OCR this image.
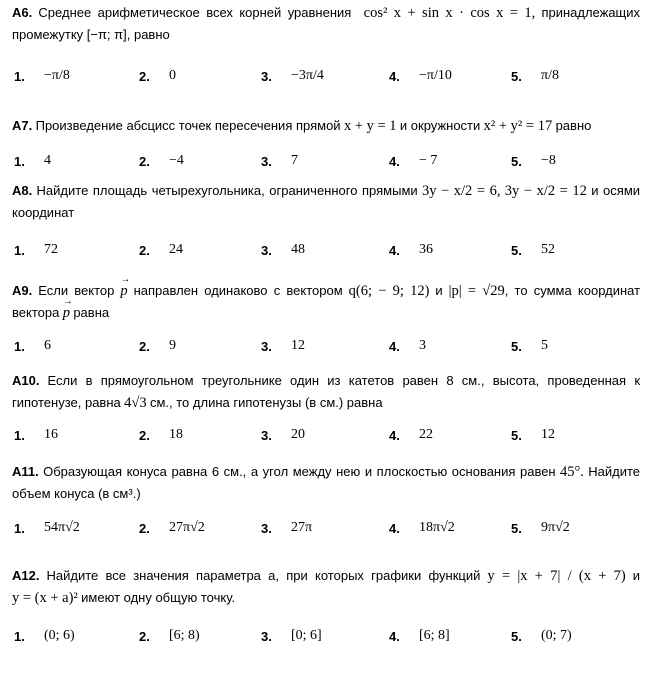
A6. Среднее арифметическое всех корней уравнения cos² x + sin x · cos x = 1, принадлежащих промежутку [−π; π], равно
1.	−π/8	2.	0	3.	−3π/4	4.	−π/10	5.	π/8
A7. Произведение абсцисс точек пересечения прямой x + y = 1 и окружности x² + y² = 17 равно
1.	4	2.	−4	3.	7	4.	− 7	5.	−8
A8. Найдите площадь четырехугольника, ограниченного прямыми 3y − x/2 = 6, 3y − x/2 = 12 и осями координат
1.	72	2.	24	3.	48	4.	36	5.	52
A9. Если вектор → p направлен одинаково с вектором q(6; − 9; 12) и |p| = √29, то сумма координат вектора → p равна
1.	6	2.	9	3.	12	4.	3	5.	5
A10. Если в прямоугольном треугольнике один из катетов равен 8 см., высота, проведенная к гипотенузе, равна 4√3 см., то длина гипотенузы (в см.) равна
1.	16	2.	18	3.	20	4.	22	5.	12
A11. Образующая конуса равна 6 см., а угол между нею и плоскостью основания равен 45°. Найдите объем конуса (в см³.)
1.	54π√2	2.	27π√2	3.	27π	4.	18π√2	5.	9π√2
A12. Найдите все значения параметра a, при которых графики функций y = |x + 7| / (x + 7) и y = (x + a)² имеют одну общую точку.
1.	(0; 6)	2.	[6; 8)	3.	[0; 6]	4.	[6; 8]	5.	(0; 7)
